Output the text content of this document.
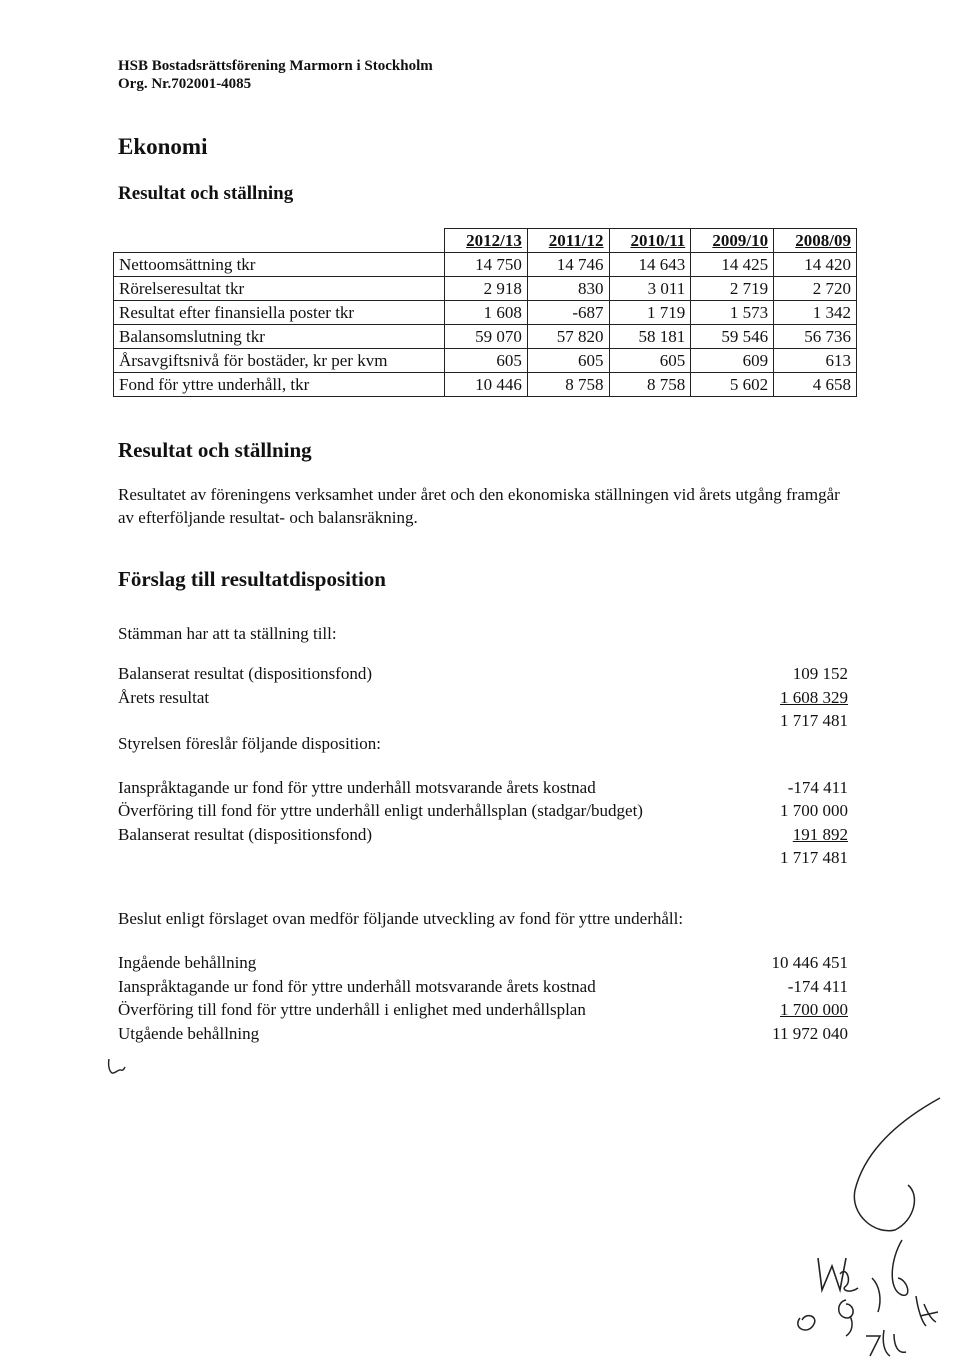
HSB Bostadsrättsförening Marmorn i Stockholm
Org. Nr.702001-4085
Ekonomi
Resultat och ställning
	2012/13	2011/12	2010/11	2009/10	2008/09
Nettoomsättning tkr	14 750	14 746	14 643	14 425	14 420
Rörelseresultat tkr	2 918	830	3 011	2 719	2 720
Resultat efter finansiella poster tkr	1 608	-687	1 719	1 573	1 342
Balansomslutning tkr	59 070	57 820	58 181	59 546	56 736
Årsavgiftsnivå för bostäder, kr per kvm	605	605	605	609	613
Fond för yttre underhåll, tkr	10 446	8 758	8 758	5 602	4 658
Resultat och ställning

Resultatet av föreningens verksamhet under året och den ekonomiska ställningen vid årets utgång framgår av efterföljande resultat- och balansräkning.

Förslag till resultatdisposition

Stämman har att ta ställning till:

Balanserat resultat (dispositionsfond)	109 152
Årets resultat	1 608 329
1 717 481
Styrelsen föreslår följande disposition:
Ianspråktagande ur fond för yttre underhåll motsvarande årets kostnad	-174 411
Överföring till fond för yttre underhåll enligt underhållsplan (stadgar/budget)	1 700 000
Balanserat resultat (dispositionsfond)	191 892
1 717 481

Beslut enligt förslaget ovan medför följande utveckling av fond för yttre underhåll:

Ingående behållning	10 446 451
Ianspråktagande ur fond för yttre underhåll motsvarande årets kostnad	-174 411
Överföring till fond för yttre underhåll i enlighet med underhållsplan	1 700 000
Utgående behållning	11 972 040
